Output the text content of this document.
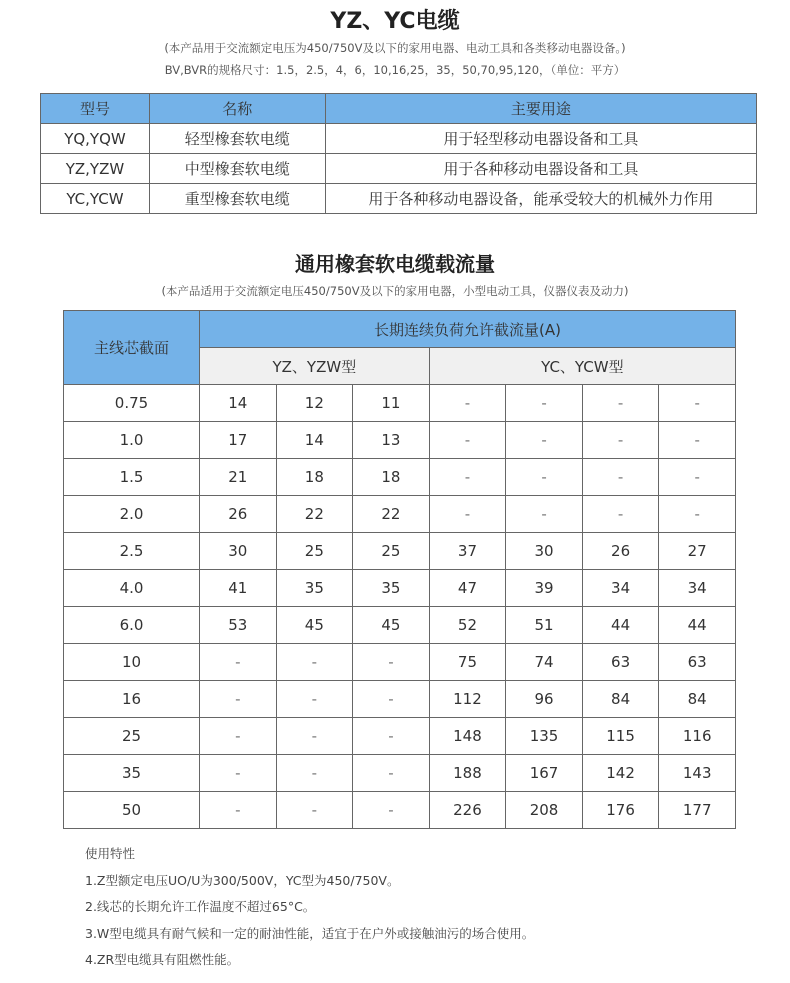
YZ、YC电缆
(本产品用于交流额定电压为450/750V及以下的家用电器、电动工具和各类移动电器设备。)
BV,BVR的规格尺寸：1.5，2.5，4，6，10,16,25，35，50,70,95,120，（单位：平方）
型号	名称	主要用途
YQ,YQW	轻型橡套软电缆	用于轻型移动电器设备和工具
YZ,YZW	中型橡套软电缆	用于各种移动电器设备和工具
YC,YCW	重型橡套软电缆	用于各种移动电器设备，能承受较大的机械外力作用
通用橡套软电缆载流量
(本产品适用于交流额定电压450/750V及以下的家用电器，小型电动工具，仪器仪表及动力)
主线芯截面	长期连续负荷允许截流量(A)						
	YZ、YZW型			YC、YCW型			
0.75	14	12	11	-	-	-	-
1.0	17	14	13	-	-	-	-
1.5	21	18	18	-	-	-	-
2.0	26	22	22	-	-	-	-
2.5	30	25	25	37	30	26	27
4.0	41	35	35	47	39	34	34
6.0	53	45	45	52	51	44	44
10	-	-	-	75	74	63	63
16	-	-	-	112	96	84	84
25	-	-	-	148	135	115	116
35	-	-	-	188	167	142	143
50	-	-	-	226	208	176	177
使用特性
1.Z型额定电压UO/U为300/500V，YC型为450/750V。
2.线芯的长期允许工作温度不超过65°C。
3.W型电缆具有耐气候和一定的耐油性能，适宜于在户外或接触油污的场合使用。
4.ZR型电缆具有阻燃性能。
